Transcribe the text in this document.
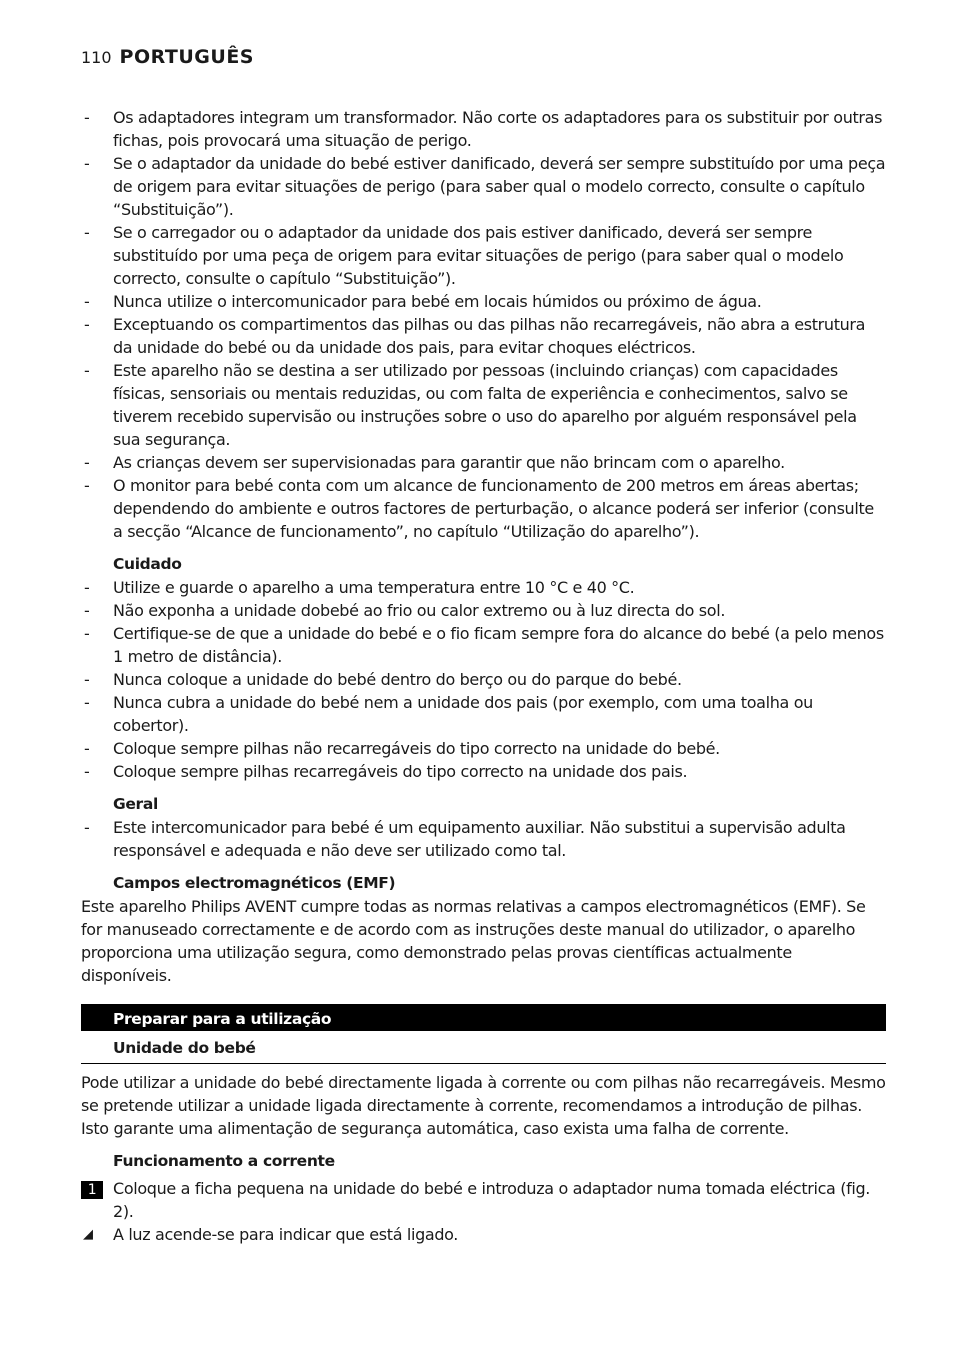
110 PORTUGUÊS
-	Os adaptadores integram um transformador. Não corte os adaptadores para os substituir por outras fichas, pois provocará uma situação de perigo.
-	Se o adaptador da unidade do bebé estiver danificado, deverá ser sempre substituído por uma peça de origem para evitar situações de perigo (para saber qual o modelo correcto, consulte o capítulo “Substituição”).
-	Se o carregador ou o adaptador da unidade dos pais estiver danificado, deverá ser sempre substituído por uma peça de origem para evitar situações de perigo (para saber qual o modelo correcto, consulte o capítulo “Substituição”).
-	Nunca utilize o intercomunicador para bebé em locais húmidos ou próximo de água.
-	Exceptuando os compartimentos das pilhas ou das pilhas não recarregáveis, não abra a estrutura da unidade do bebé ou da unidade dos pais, para evitar choques eléctricos.
-	Este aparelho não se destina a ser utilizado por pessoas (incluindo crianças) com capacidades físicas, sensoriais ou mentais reduzidas, ou com falta de experiência e conhecimentos, salvo se tiverem recebido supervisão ou instruções sobre o uso do aparelho por alguém responsável pela sua segurança.
-	As crianças devem ser supervisionadas para garantir que não brincam com o aparelho.
-	O monitor para bebé conta com um alcance de funcionamento de 200 metros em áreas abertas; dependendo do ambiente e outros factores de perturbação, o alcance poderá ser inferior (consulte a secção “Alcance de funcionamento”, no capítulo “Utilização do aparelho”).
Cuidado
-	Utilize e guarde o aparelho a uma temperatura entre 10 °C e 40 °C.
-	Não exponha a unidade dobebé ao frio ou calor extremo ou à luz directa do sol.
-	Certifique-se de que a unidade do bebé e o fio ficam sempre fora do alcance do bebé (a pelo menos 1 metro de distância).
-	Nunca coloque a unidade do bebé dentro do berço ou do parque do bebé.
-	Nunca cubra a unidade do bebé nem a unidade dos pais (por exemplo, com uma toalha ou cobertor).
-	Coloque sempre pilhas não recarregáveis do tipo correcto na unidade do bebé.
-	Coloque sempre pilhas recarregáveis do tipo correcto na unidade dos pais.
Geral
-	Este intercomunicador para bebé é um equipamento auxiliar. Não substitui a supervisão adulta responsável e adequada e não deve ser utilizado como tal.
Campos electromagnéticos (EMF)

Este aparelho Philips AVENT cumpre todas as normas relativas a campos electromagnéticos (EMF). Se for manuseado correctamente e de acordo com as instruções deste manual do utilizador, o aparelho proporciona uma utilização segura, como demonstrado pelas provas científicas actualmente disponíveis.

Preparar para a utilização
Unidade do bebé

Pode utilizar a unidade do bebé directamente ligada à corrente ou com pilhas não recarregáveis. Mesmo se pretende utilizar a unidade ligada directamente à corrente, recomendamos a introdução de pilhas. Isto garante uma alimentação de segurança automática, caso exista uma falha de corrente.

Funcionamento a corrente
1	Coloque a ficha pequena na unidade do bebé e introduza o adaptador numa tomada eléctrica (fig. 2).
◢	A luz acende-se para indicar que está ligado.
